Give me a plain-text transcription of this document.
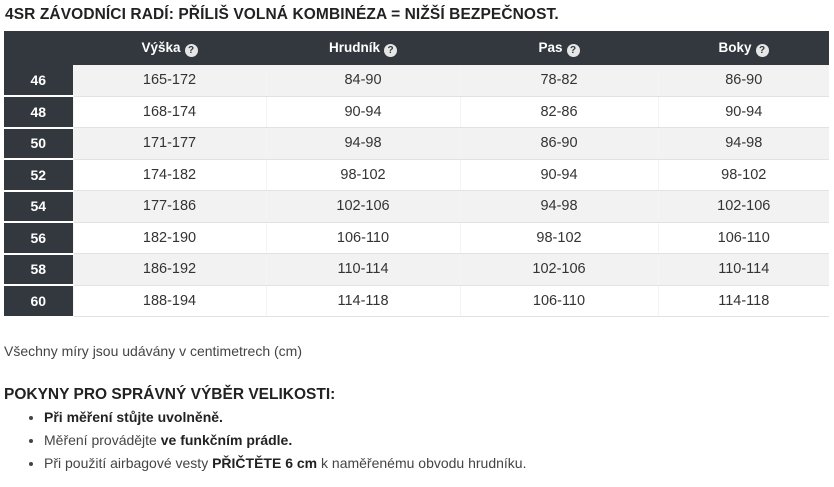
4SR ZÁVODNÍCI RADÍ: PŘÍLIŠ VOLNÁ KOMBINÉZA = NIŽŠÍ BEZPEČNOST.
	Výška ?	Hrudník ?	Pas ?	Boky ?
46	165-172	84-90	78-82	86-90
48	168-174	90-94	82-86	90-94
50	171-177	94-98	86-90	94-98
52	174-182	98-102	90-94	98-102
54	177-186	102-106	94-98	102-106
56	182-190	106-110	98-102	106-110
58	186-192	110-114	102-106	110-114
60	188-194	114-118	106-110	114-118

Všechny míry jsou udávány v centimetrech (cm)

POKYNY PRO SPRÁVNÝ VÝBĚR VELIKOSTI:
• Při měření stůjte uvolněně.
• Měření provádějte ve funkčním prádle.
• Při použití airbagové vesty PŘIČTĚTE 6 cm k naměřenému obvodu hrudníku.
